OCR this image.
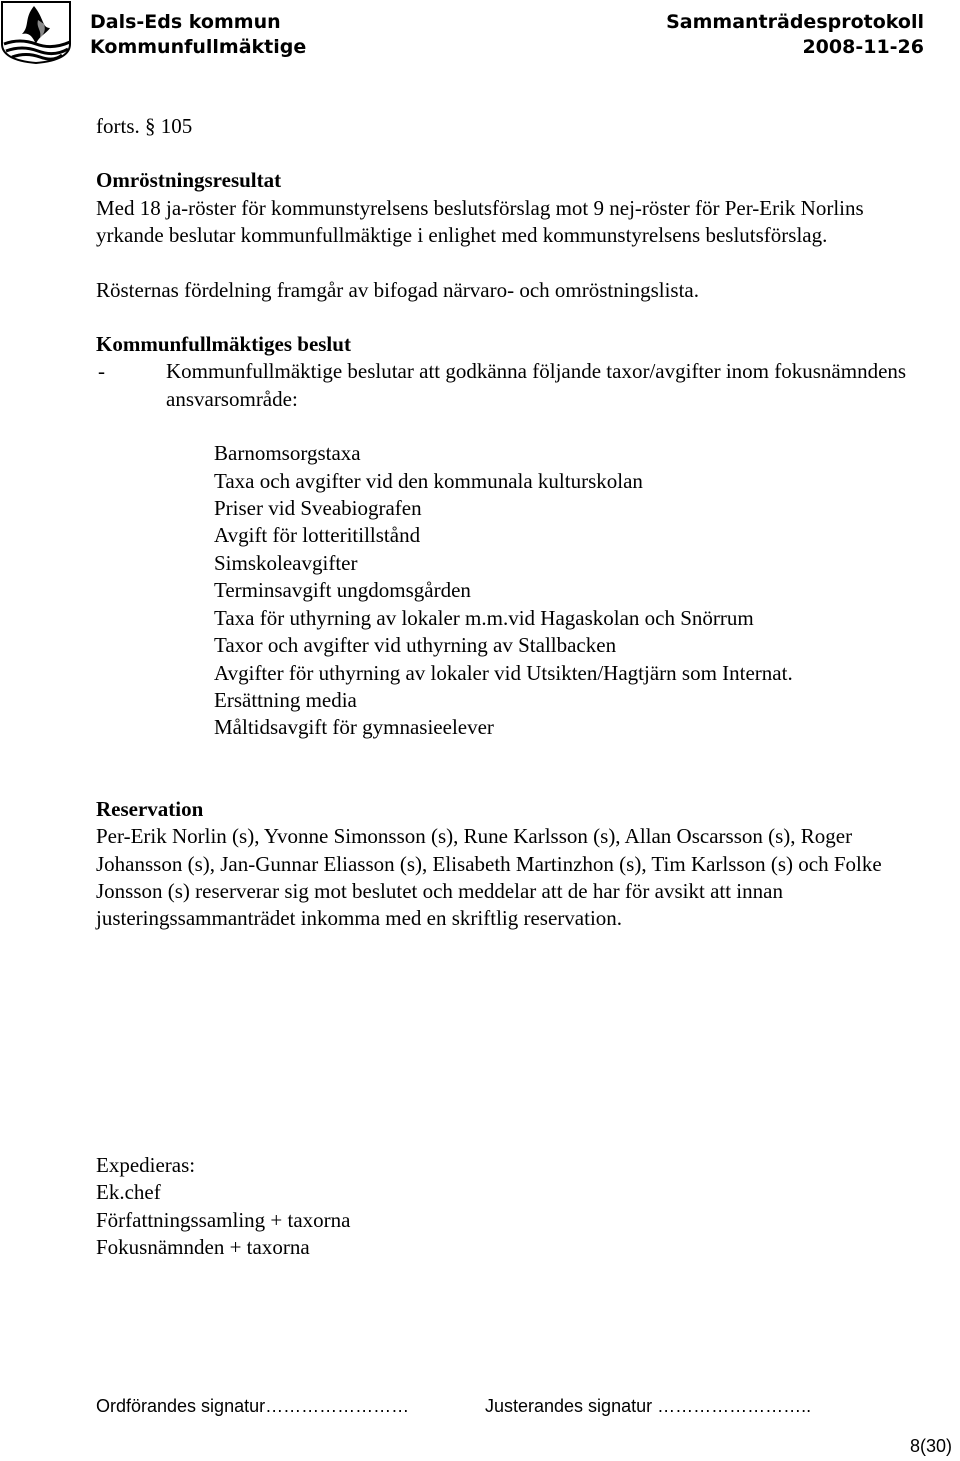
Dals-Eds kommun
Kommunfullmäktige
Sammanträdesprotokoll
2008-11-26

forts. § 105

Omröstningsresultat

Med 18 ja-röster för kommunstyrelsens beslutsförslag mot 9 nej-röster för Per-Erik Norlins yrkande beslutar kommunfullmäktige i enlighet med kommunstyrelsens beslutsförslag.

Rösternas fördelning framgår av bifogad närvaro- och omröstningslista.

Kommunfullmäktiges beslut

-	Kommunfullmäktige beslutar att godkänna följande taxor/avgifter inom fokusnämndens ansvarsområde:

Barnomsorgstaxa
Taxa och avgifter vid den kommunala kulturskolan
Priser vid Sveabiografen
Avgift för lotteritillstånd
Simskoleavgifter
Terminsavgift ungdomsgården
Taxa för uthyrning av lokaler m.m.vid Hagaskolan och Snörrum
Taxor och avgifter vid uthyrning av Stallbacken
Avgifter för uthyrning av lokaler vid Utsikten/Hagtjärn som Internat.
Ersättning media
Måltidsavgift för gymnasieelever

Reservation

Per-Erik Norlin (s), Yvonne Simonsson (s), Rune Karlsson (s), Allan Oscarsson (s), Roger Johansson (s), Jan-Gunnar Eliasson (s), Elisabeth Martinzhon (s), Tim Karlsson (s) och Folke Jonsson (s) reserverar sig mot beslutet och meddelar att de har för avsikt att innan justeringssammanträdet inkomma med en skriftlig reservation.

Expedieras:

Ek.chef

Författningssamling + taxorna

Fokusnämnden + taxorna

Ordförandes signatur……………………	Justerandes signatur ……………………..
8(30)
